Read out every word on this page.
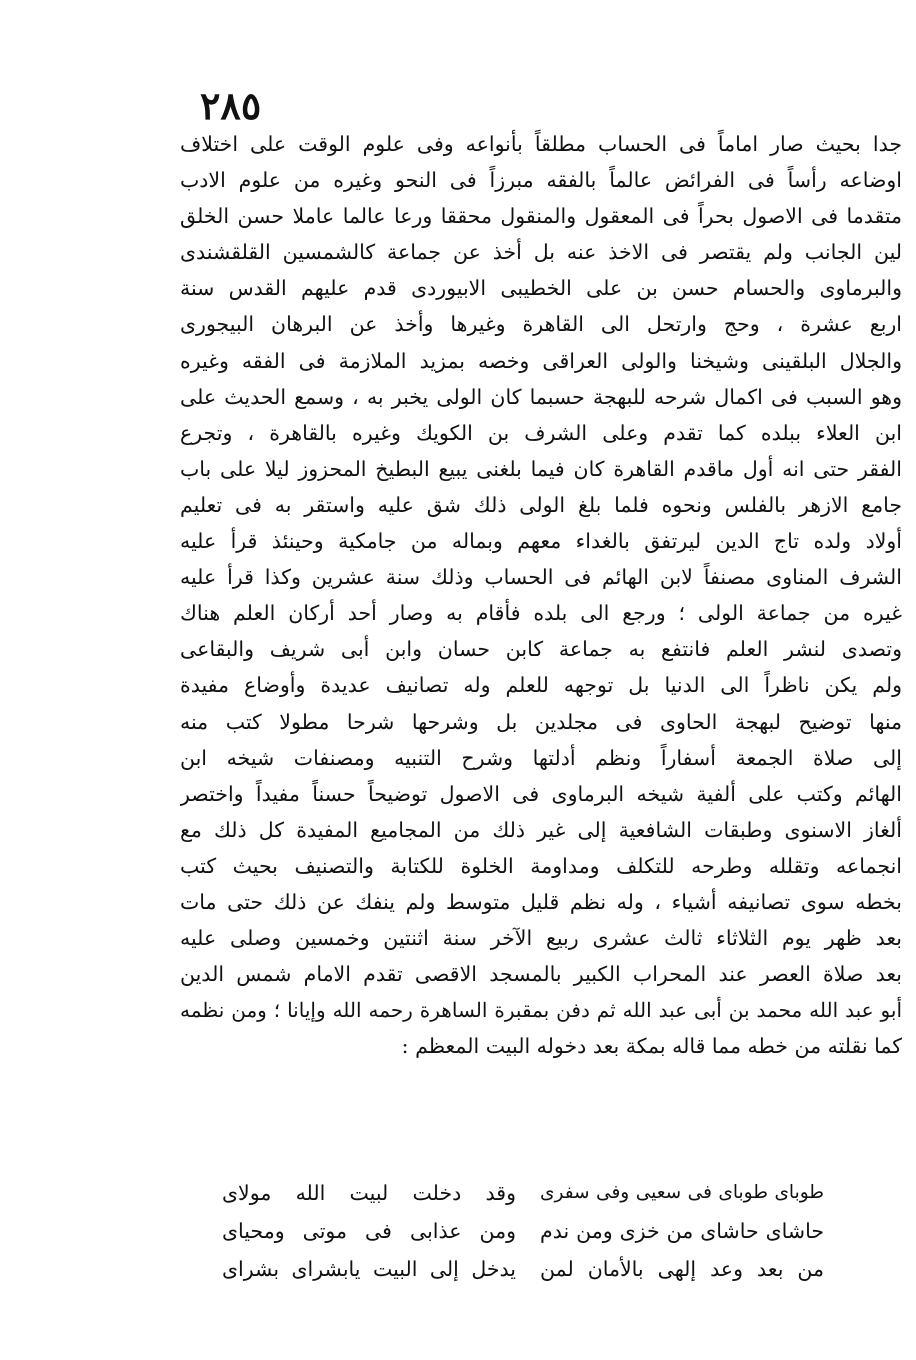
٢٨٥
جدا بحيث صار اماماً فى الحساب مطلقاً بأنواعه وفى علوم الوقت على اختلاف
اوضاعه رأساً فى الفرائض عالماً بالفقه مبرزاً فى النحو وغيره من علوم الادب
متقدما فى الاصول بحراً فى المعقول والمنقول محققا ورعا عالما عاملا حسن الخلق
لين الجانب ولم يقتصر فى الاخذ عنه بل أخذ عن جماعة كالشمسين القلقشندى
والبرماوى والحسام حسن بن على الخطيبى الابيوردى قدم عليهم القدس سنة
اربع عشرة ، وحج وارتحل الى القاهرة وغيرها وأخذ عن البرهان البيجورى
والجلال البلقينى وشيخنا والولى العراقى وخصه بمزيد الملازمة فى الفقه وغيره
وهو السبب فى اكمال شرحه للبهجة حسبما كان الولى يخبر به ، وسمع الحديث على
ابن العلاء ببلده كما تقدم وعلى الشرف بن الكويك وغيره بالقاهرة ، وتجرع
الفقر حتى انه أول ماقدم القاهرة كان فيما بلغنى يبيع البطيخ المحزوز ليلا على باب
جامع الازهر بالفلس ونحوه فلما بلغ الولى ذلك شق عليه واستقر به فى تعليم
أولاد ولده تاج الدين ليرتفق بالغداء معهم وبماله من جامكية وحينئذ قرأ عليه
الشرف المناوى مصنفاً لابن الهائم فى الحساب وذلك سنة عشرين وكذا قرأ عليه
غيره من جماعة الولى ؛ ورجع الى بلده فأقام به وصار أحد أركان العلم هناك
وتصدى لنشر العلم فانتفع به جماعة كابن حسان وابن أبى شريف والبقاعى
ولم يكن ناظراً الى الدنيا بل توجهه للعلم وله تصانيف عديدة وأوضاع مفيدة
منها توضيح لبهجة الحاوى فى مجلدين بل وشرحها شرحا مطولا كتب منه
إلى صلاة الجمعة أسفاراً ونظم أدلتها وشرح التنبيه ومصنفات شيخه ابن
الهائم وكتب على ألفية شيخه البرماوى فى الاصول توضيحاً حسناً مفيداً واختصر
ألغاز الاسنوى وطبقات الشافعية إلى غير ذلك من المجاميع المفيدة كل ذلك مع
انجماعه وتقلله وطرحه للتكلف ومداومة الخلوة للكتابة والتصنيف بحيث كتب
بخطه سوى تصانيفه أشياء ، وله نظم قليل متوسط ولم ينفك عن ذلك حتى مات
بعد ظهر يوم الثلاثاء ثالث عشرى ربيع الآخر سنة اثنتين وخمسين وصلى عليه
بعد صلاة العصر عند المحراب الكبير بالمسجد الاقصى تقدم الامام شمس الدين
أبو عبد الله محمد بن أبى عبد الله ثم دفن بمقبرة الساهرة رحمه الله وإيانا ؛ ومن نظمه
كما نقلته من خطه مما قاله بمكة بعد دخوله البيت المعظم :
طوباى طوباى فى سعيى وفى سفرى
وقد دخلت لبيت الله مولاى
حاشاى حاشاى من خزى ومن ندم
ومن عذابى فى موتى ومحياى
من بعد وعد إلهى بالأمان لمن
يدخل إلى البيت يابشراى بشراى
